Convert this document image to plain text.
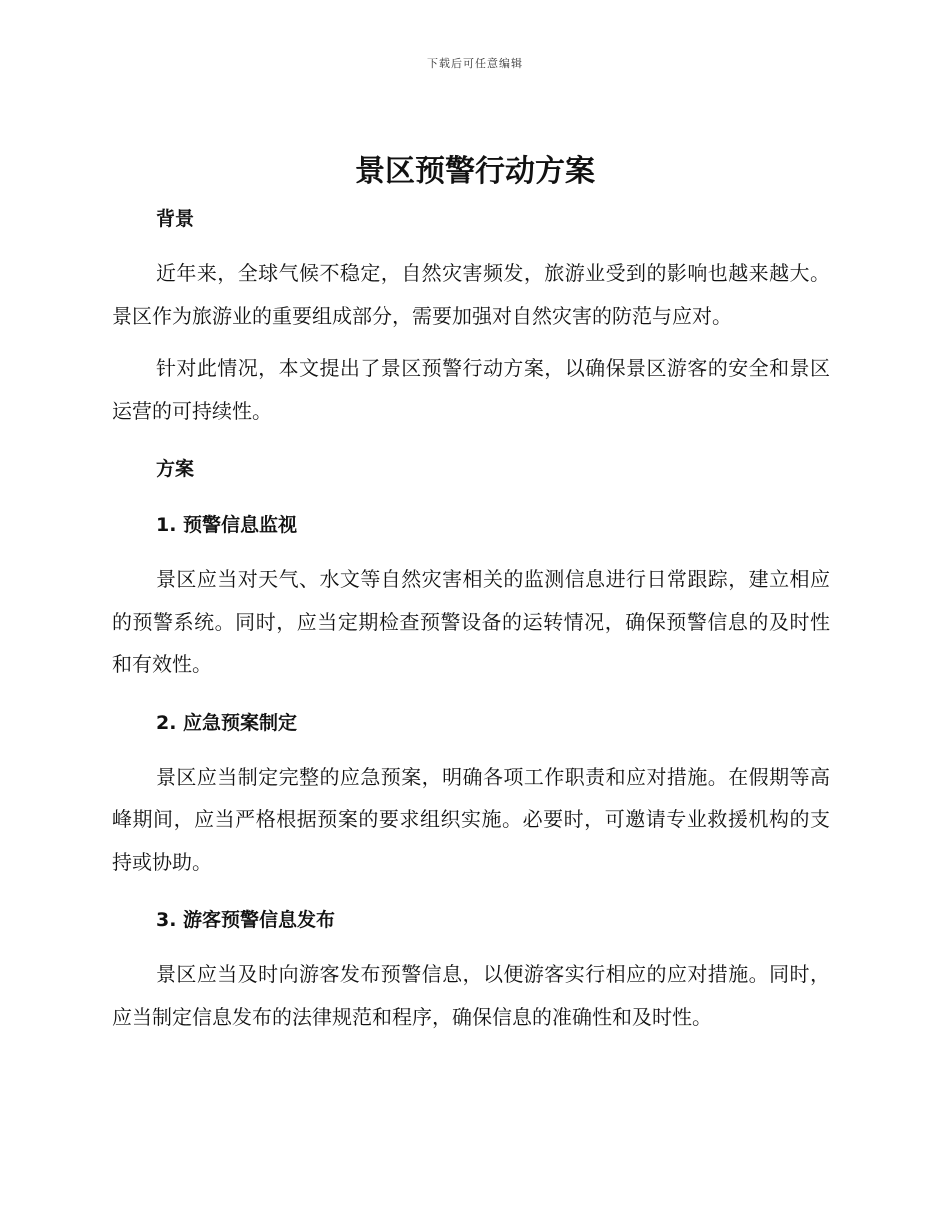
下载后可任意编辑
景区预警行动方案
背景

近年来，全球气候不稳定，自然灾害频发，旅游业受到的影响也越来越大。景区作为旅游业的重要组成部分，需要加强对自然灾害的防范与应对。

针对此情况，本文提出了景区预警行动方案，以确保景区游客的安全和景区运营的可持续性。

方案
1. 预警信息监视

景区应当对天气、水文等自然灾害相关的监测信息进行日常跟踪，建立相应的预警系统。同时，应当定期检查预警设备的运转情况，确保预警信息的及时性和有效性。

2. 应急预案制定

景区应当制定完整的应急预案，明确各项工作职责和应对措施。在假期等高峰期间，应当严格根据预案的要求组织实施。必要时，可邀请专业救援机构的支持或协助。

3. 游客预警信息发布

景区应当及时向游客发布预警信息，以便游客实行相应的应对措施。同时，应当制定信息发布的法律规范和程序，确保信息的准确性和及时性。
